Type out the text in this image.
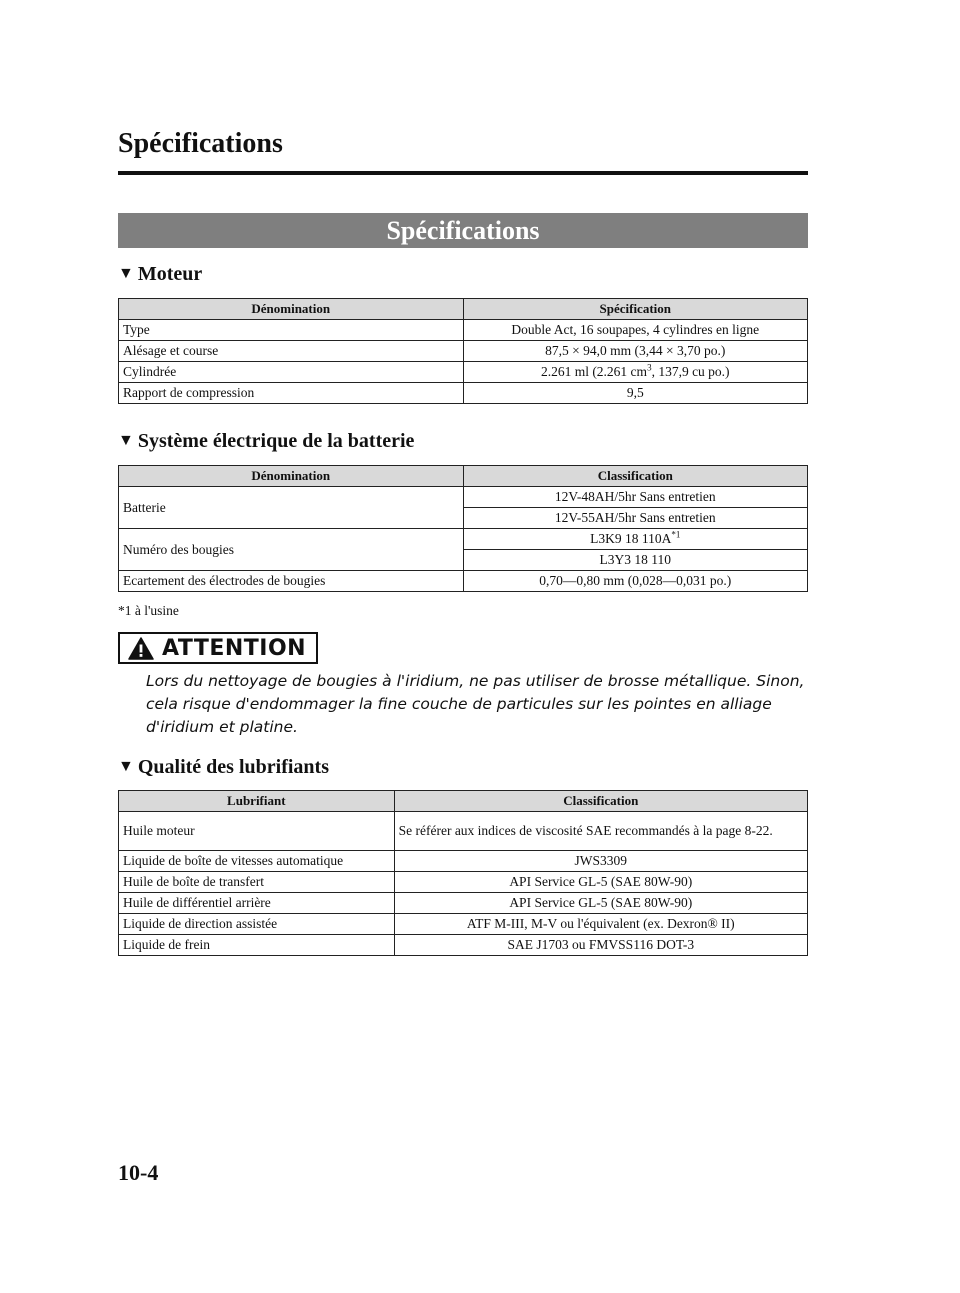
Spécifications
Spécifications
▼ Moteur
Dénomination	Spécification
Type	Double Act, 16 soupapes, 4 cylindres en ligne
Alésage et course	87,5 × 94,0 mm (3,44 × 3,70 po.)
Cylindrée	2.261 ml (2.261 $cm^3$, 137,9 cu po.)
Rapport de compression	9,5
▼ Système électrique de la batterie
Dénomination	Classification
Batterie	12V-48AH/5hr Sans entretien
	12V-55AH/5hr Sans entretien
Numéro des bougies	L3K9 18 $110A^{*1}$
	L3Y3 18 110
Ecartement des électrodes de bougies	0,70―0,80 mm (0,028―0,031 po.)
*1 à l'usine
ATTENTION

Lors du nettoyage de bougies à l'iridium, ne pas utiliser de brosse métallique. Sinon, cela risque d'endommager la fine couche de particules sur les pointes en alliage d'iridium et platine.

▼ Qualité des lubrifiants
Lubrifiant	Classification
Huile moteur	Se référer aux indices de viscosité SAE recommandés à la page 8-22.
Liquide de boîte de vitesses automatique	JWS3309
Huile de boîte de transfert	API Service GL-5 (SAE 80W-90)
Huile de différentiel arrière	API Service GL-5 (SAE 80W-90)
Liquide de direction assistée	ATF M-III, M-V ou l'équivalent (ex. Dexron® II)
Liquide de frein	SAE J1703 ou FMVSS116 DOT-3
10-4
